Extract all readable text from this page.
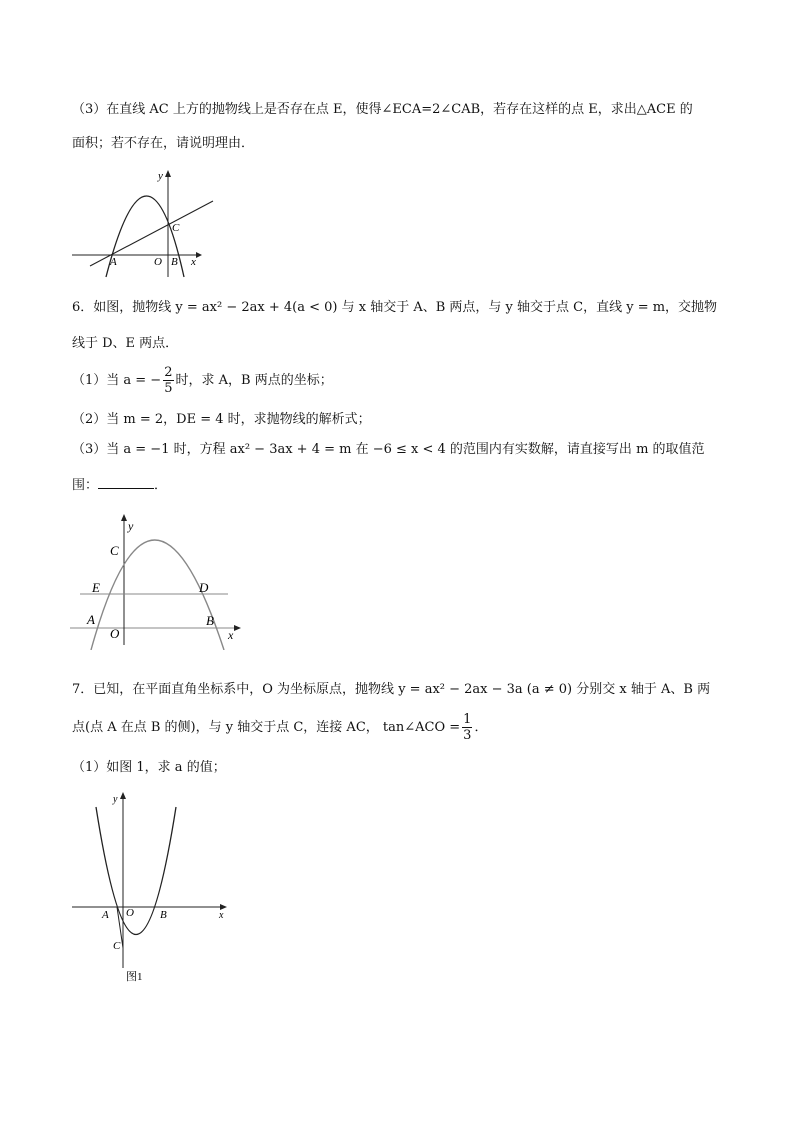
（3）在直线 AC 上方的抛物线上是否存在点 E，使得∠ECA=2∠CAB，若存在这样的点 E，求出△ACE 的
面积；若不存在，请说明理由．
y
x
C
A	O B
6．如图，抛物线 y = ax² − 2ax + 4(a < 0) 与 x 轴交于 A、B 两点，与 y 轴交于点 C，直线 y = m，交抛物
线于 D、E 两点．
（1）当 a = − $\frac{2}{5}$ 时，求 A，B 两点的坐标；
（2）当 m = 2，DE = 4 时，求抛物线的解析式；
（3）当 a = −1 时，方程 ax² − 3ax + 4 = m 在 −6 ≤ x < 4 的范围内有实数解，请直接写出 m 的取值范
围：	．
y
x
C
E	D
A
O
B
7．已知，在平面直角坐标系中，O 为坐标原点，抛物线 y = ax² − 2ax − 3a (a ≠ 0) 分别交 x 轴于 A、B 两
点(点 A 在点 B 的侧)，与 y 轴交于点 C，连接 AC， tan∠ACO = $\frac{1}{3}$ ．
（1）如图 1，求 a 的值；
y
x
A O B
C
图1
